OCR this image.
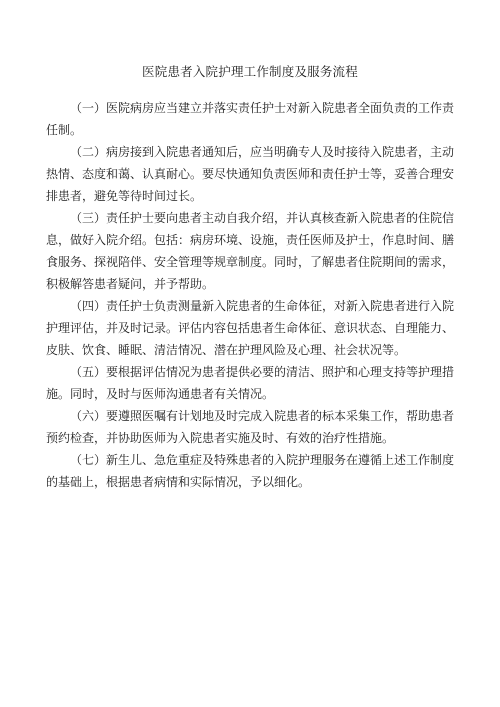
医院患者入院护理工作制度及服务流程

（一）医院病房应当建立并落实责任护士对新入院患者全面负责的工作责任制。

（二）病房接到入院患者通知后，应当明确专人及时接待入院患者，主动热情、态度和蔼、认真耐心。要尽快通知负责医师和责任护士等，妥善合理安排患者，避免等待时间过长。

（三）责任护士要向患者主动自我介绍，并认真核查新入院患者的住院信息，做好入院介绍。包括：病房环境、设施，责任医师及护士，作息时间、膳食服务、探视陪伴、安全管理等规章制度。同时，了解患者住院期间的需求，积极解答患者疑问，并予帮助。

（四）责任护士负责测量新入院患者的生命体征，对新入院患者进行入院护理评估，并及时记录。评估内容包括患者生命体征、意识状态、自理能力、皮肤、饮食、睡眠、清洁情况、潜在护理风险及心理、社会状况等。

（五）要根据评估情况为患者提供必要的清洁、照护和心理支持等护理措施。同时，及时与医师沟通患者有关情况。

（六）要遵照医嘱有计划地及时完成入院患者的标本采集工作，帮助患者预约检查，并协助医师为入院患者实施及时、有效的治疗性措施。

（七）新生儿、急危重症及特殊患者的入院护理服务在遵循上述工作制度的基础上，根据患者病情和实际情况，予以细化。
